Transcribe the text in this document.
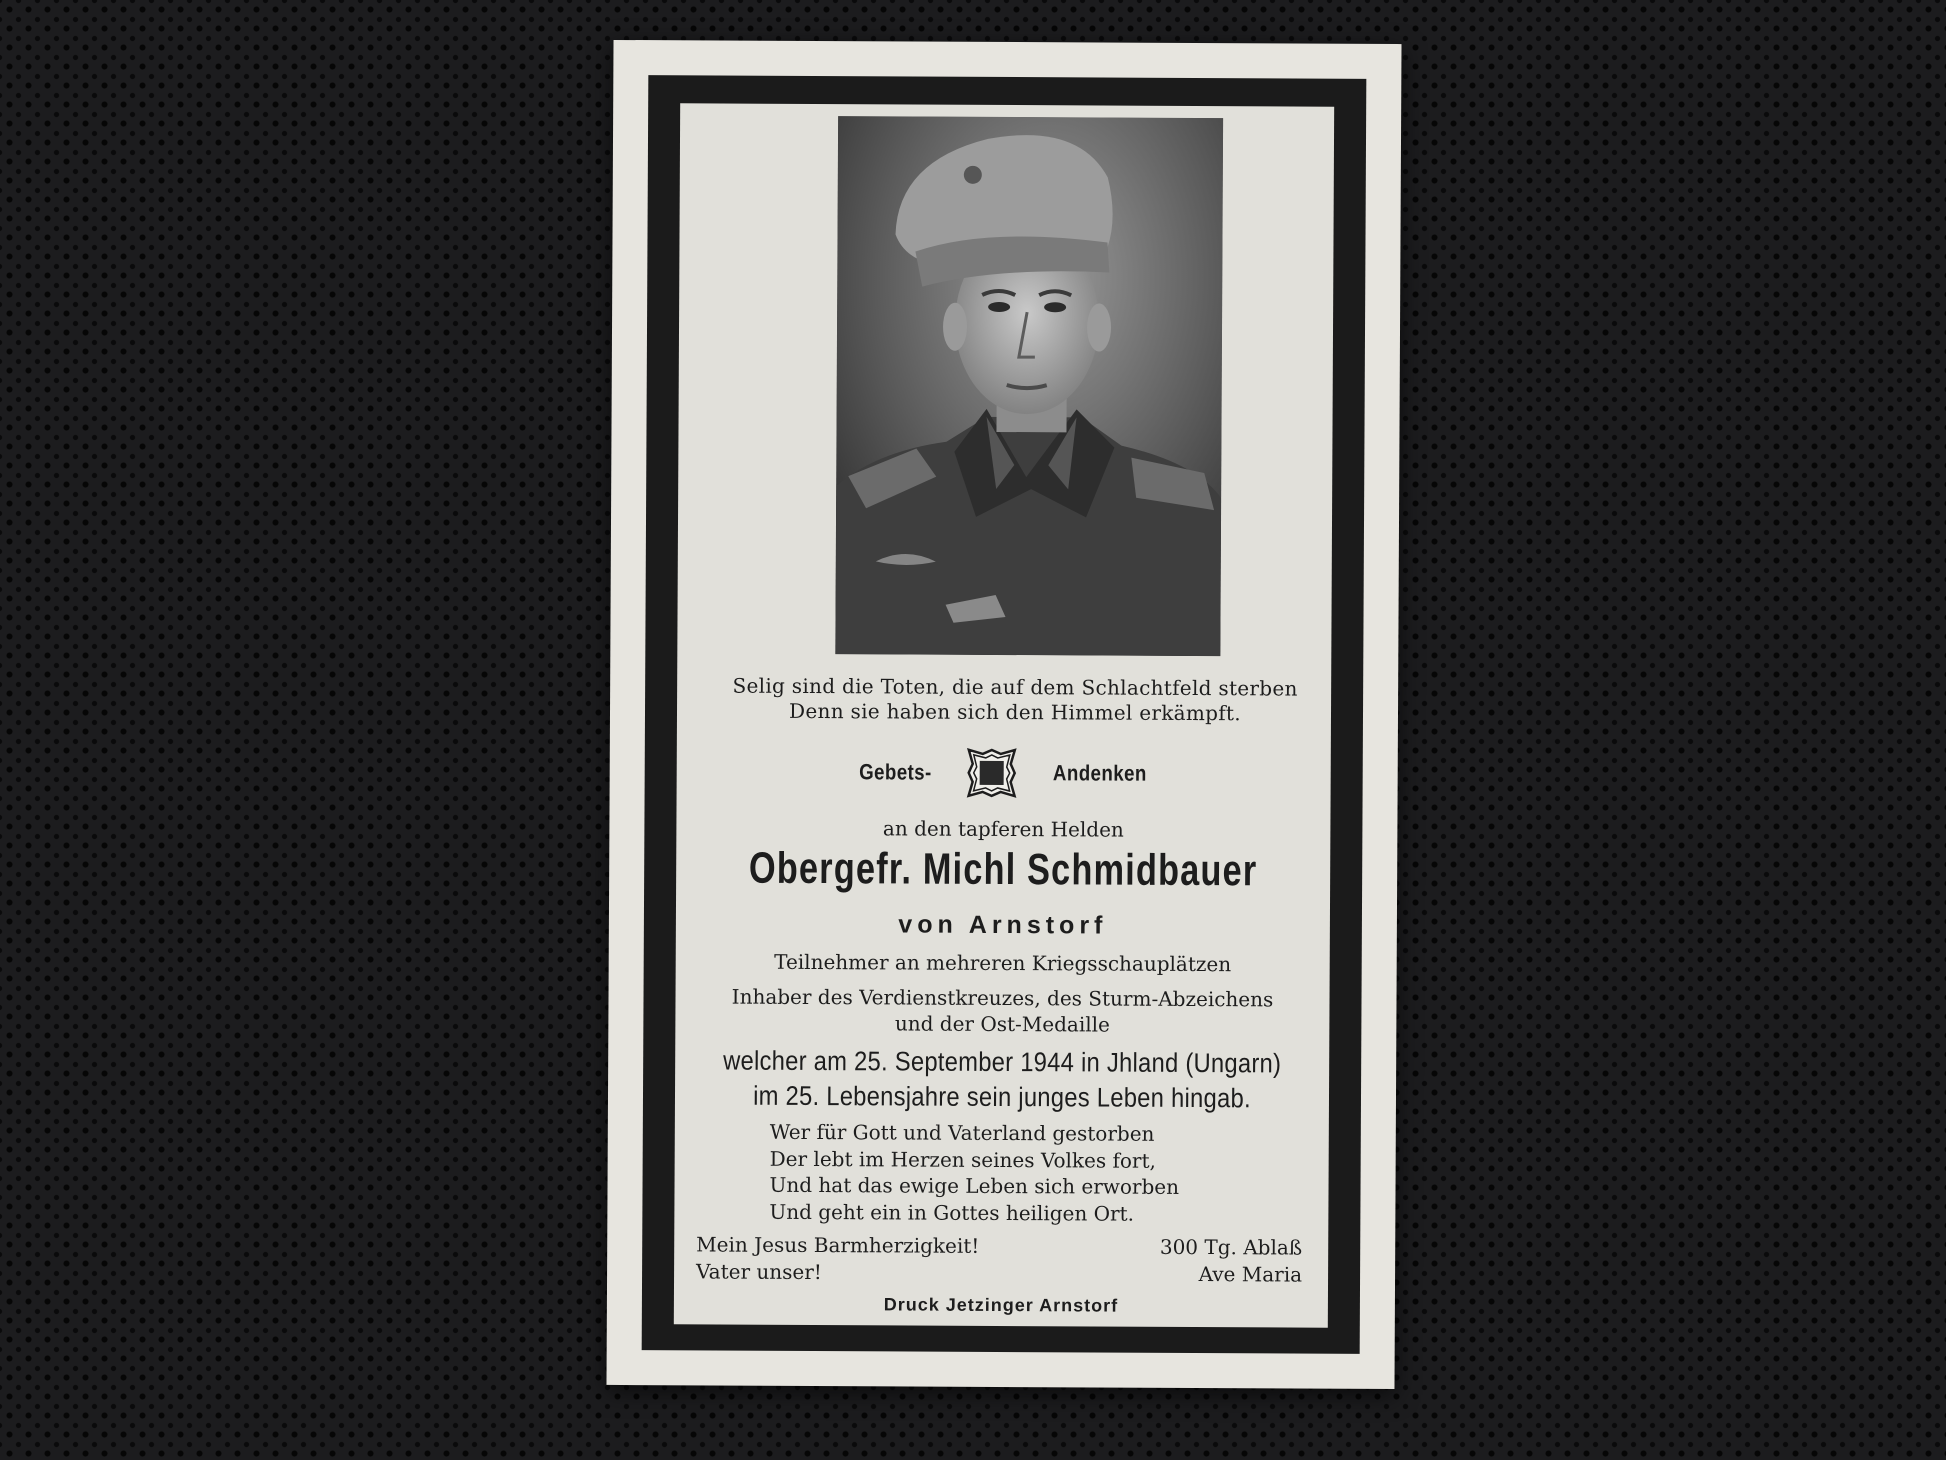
Selig sind die Toten, die auf dem Schlachtfeld sterben
Denn sie haben sich den Himmel erkämpft.
Gebets-	Andenken
an den tapferen Helden
Obergefr. Michl Schmidbauer
von Arnstorf
Teilnehmer an mehreren Kriegsschauplätzen
Inhaber des Verdienstkreuzes, des Sturm-Abzeichens
und der Ost-Medaille
welcher am 25. September 1944 in Jhland (Ungarn)
im 25. Lebensjahre sein junges Leben hingab.
Wer für Gott und Vaterland gestorben
Der lebt im Herzen seines Volkes fort,
Und hat das ewige Leben sich erworben
Und geht ein in Gottes heiligen Ort.
Mein Jesus Barmherzigkeit!
Vater unser!
300 Tg. Ablaß
Ave Maria
Druck Jetzinger Arnstorf
